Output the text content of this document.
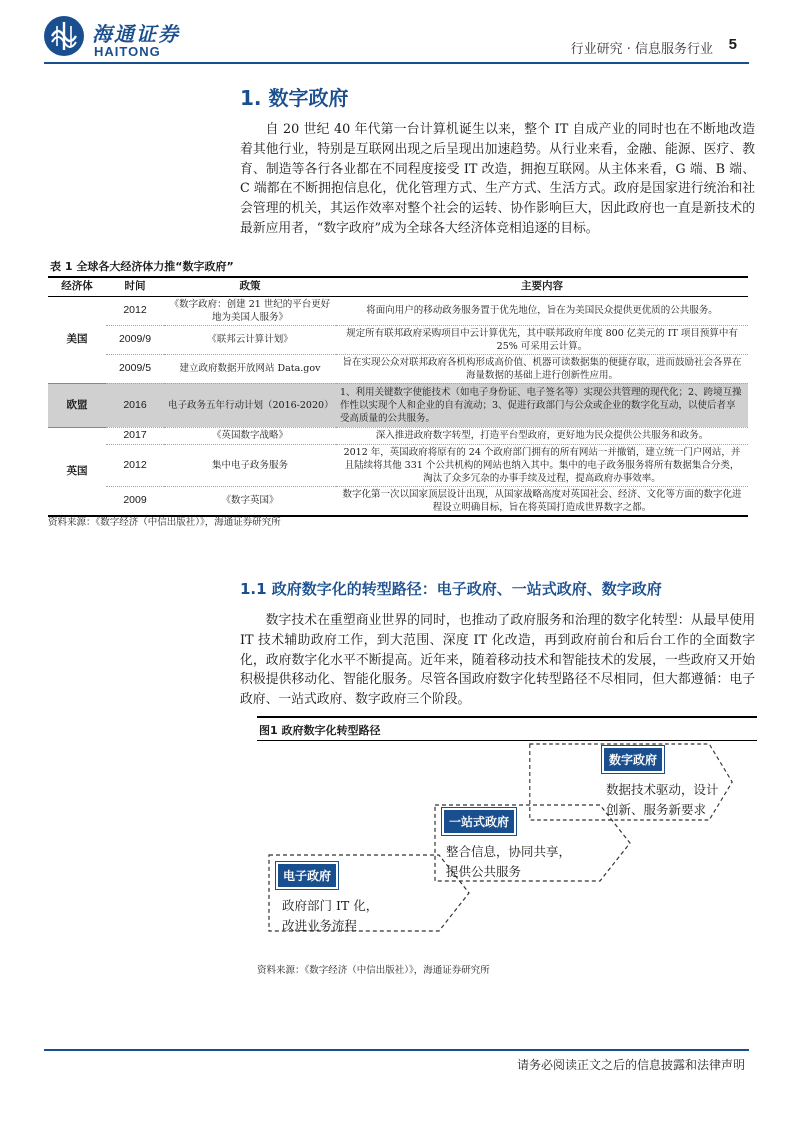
海通证券
HAITONG	行业研究 · 信息服务行业 5
1. 数字政府
自 20 世纪 40 年代第一台计算机诞生以来，整个 IT 自成产业的同时也在不断地改造着其他行业，特别是互联网出现之后呈现出加速趋势。从行业来看，金融、能源、医疗、教育、制造等各行各业都在不同程度接受 IT 改造，拥抱互联网。从主体来看，G 端、B 端、C 端都在不断拥抱信息化，优化管理方式、生产方式、生活方式。政府是国家进行统治和社会管理的机关，其运作效率对整个社会的运转、协作影响巨大，因此政府也一直是新技术的最新应用者，“数字政府”成为全球各大经济体竞相追逐的目标。
表 1 全球各大经济体力推“数字政府”
经济体	时间	政策	主要内容
美国	2012	《数字政府：创建 21 世纪的平台更好地为美国人服务》	将面向用户的移动政务服务置于优先地位，旨在为美国民众提供更优质的公共服务。
	2009/9	《联邦云计算计划》	规定所有联邦政府采购项目中云计算优先，其中联邦政府年度 800 亿美元的 IT 项目预算中有 25% 可采用云计算。
	2009/5	建立政府数据开放网站 Data.gov	旨在实现公众对联邦政府各机构形成高价值、机器可读数据集的便捷存取，进而鼓励社会各界在海量数据的基础上进行创新性应用。
欧盟	2016	电子政务五年行动计划（2016-2020）	1、利用关键数字使能技术（如电子身份证、电子签名等）实现公共管理的现代化；2、跨境互操作性以实现个人和企业的自有流动；3、促进行政部门与公众或企业的数字化互动，以使后者享受高质量的公共服务。
英国	2017	《英国数字战略》	深入推进政府数字转型，打造平台型政府，更好地为民众提供公共服务和政务。
	2012	集中电子政务服务	2012 年，英国政府将原有的 24 个政府部门拥有的所有网站一并撤销，建立统一门户网站，并且陆续将其他 331 个公共机构的网站也纳入其中。集中的电子政务服务将所有数据集合分类，淘汰了众多冗杂的办事手续及过程，提高政府办事效率。
	2009	《数字英国》	数字化第一次以国家顶层设计出现，从国家战略高度对英国社会、经济、文化等方面的数字化进程设立明确目标，旨在将英国打造成世界数字之都。
资料来源：《数字经济（中信出版社）》，海通证券研究所
1.1 政府数字化的转型路径：电子政府、一站式政府、数字政府
数字技术在重塑商业世界的同时，也推动了政府服务和治理的数字化转型：从最早使用 IT 技术辅助政府工作，到大范围、深度 IT 化改造，再到政府前台和后台工作的全面数字化，政府数字化水平不断提高。近年来，随着移动技术和智能技术的发展，一些政府又开始积极提供移动化、智能化服务。尽管各国政府数字化转型路径不尽相同，但大都遵循：电子政府、一站式政府、数字政府三个阶段。
图1 政府数字化转型路径
电子政府
政府部门 IT 化，
改进业务流程
一站式政府
整合信息，协同共享，
提供公共服务
数字政府
数据技术驱动，设计
创新、服务新要求
资料来源：《数字经济（中信出版社）》，海通证券研究所
请务必阅读正文之后的信息披露和法律声明
